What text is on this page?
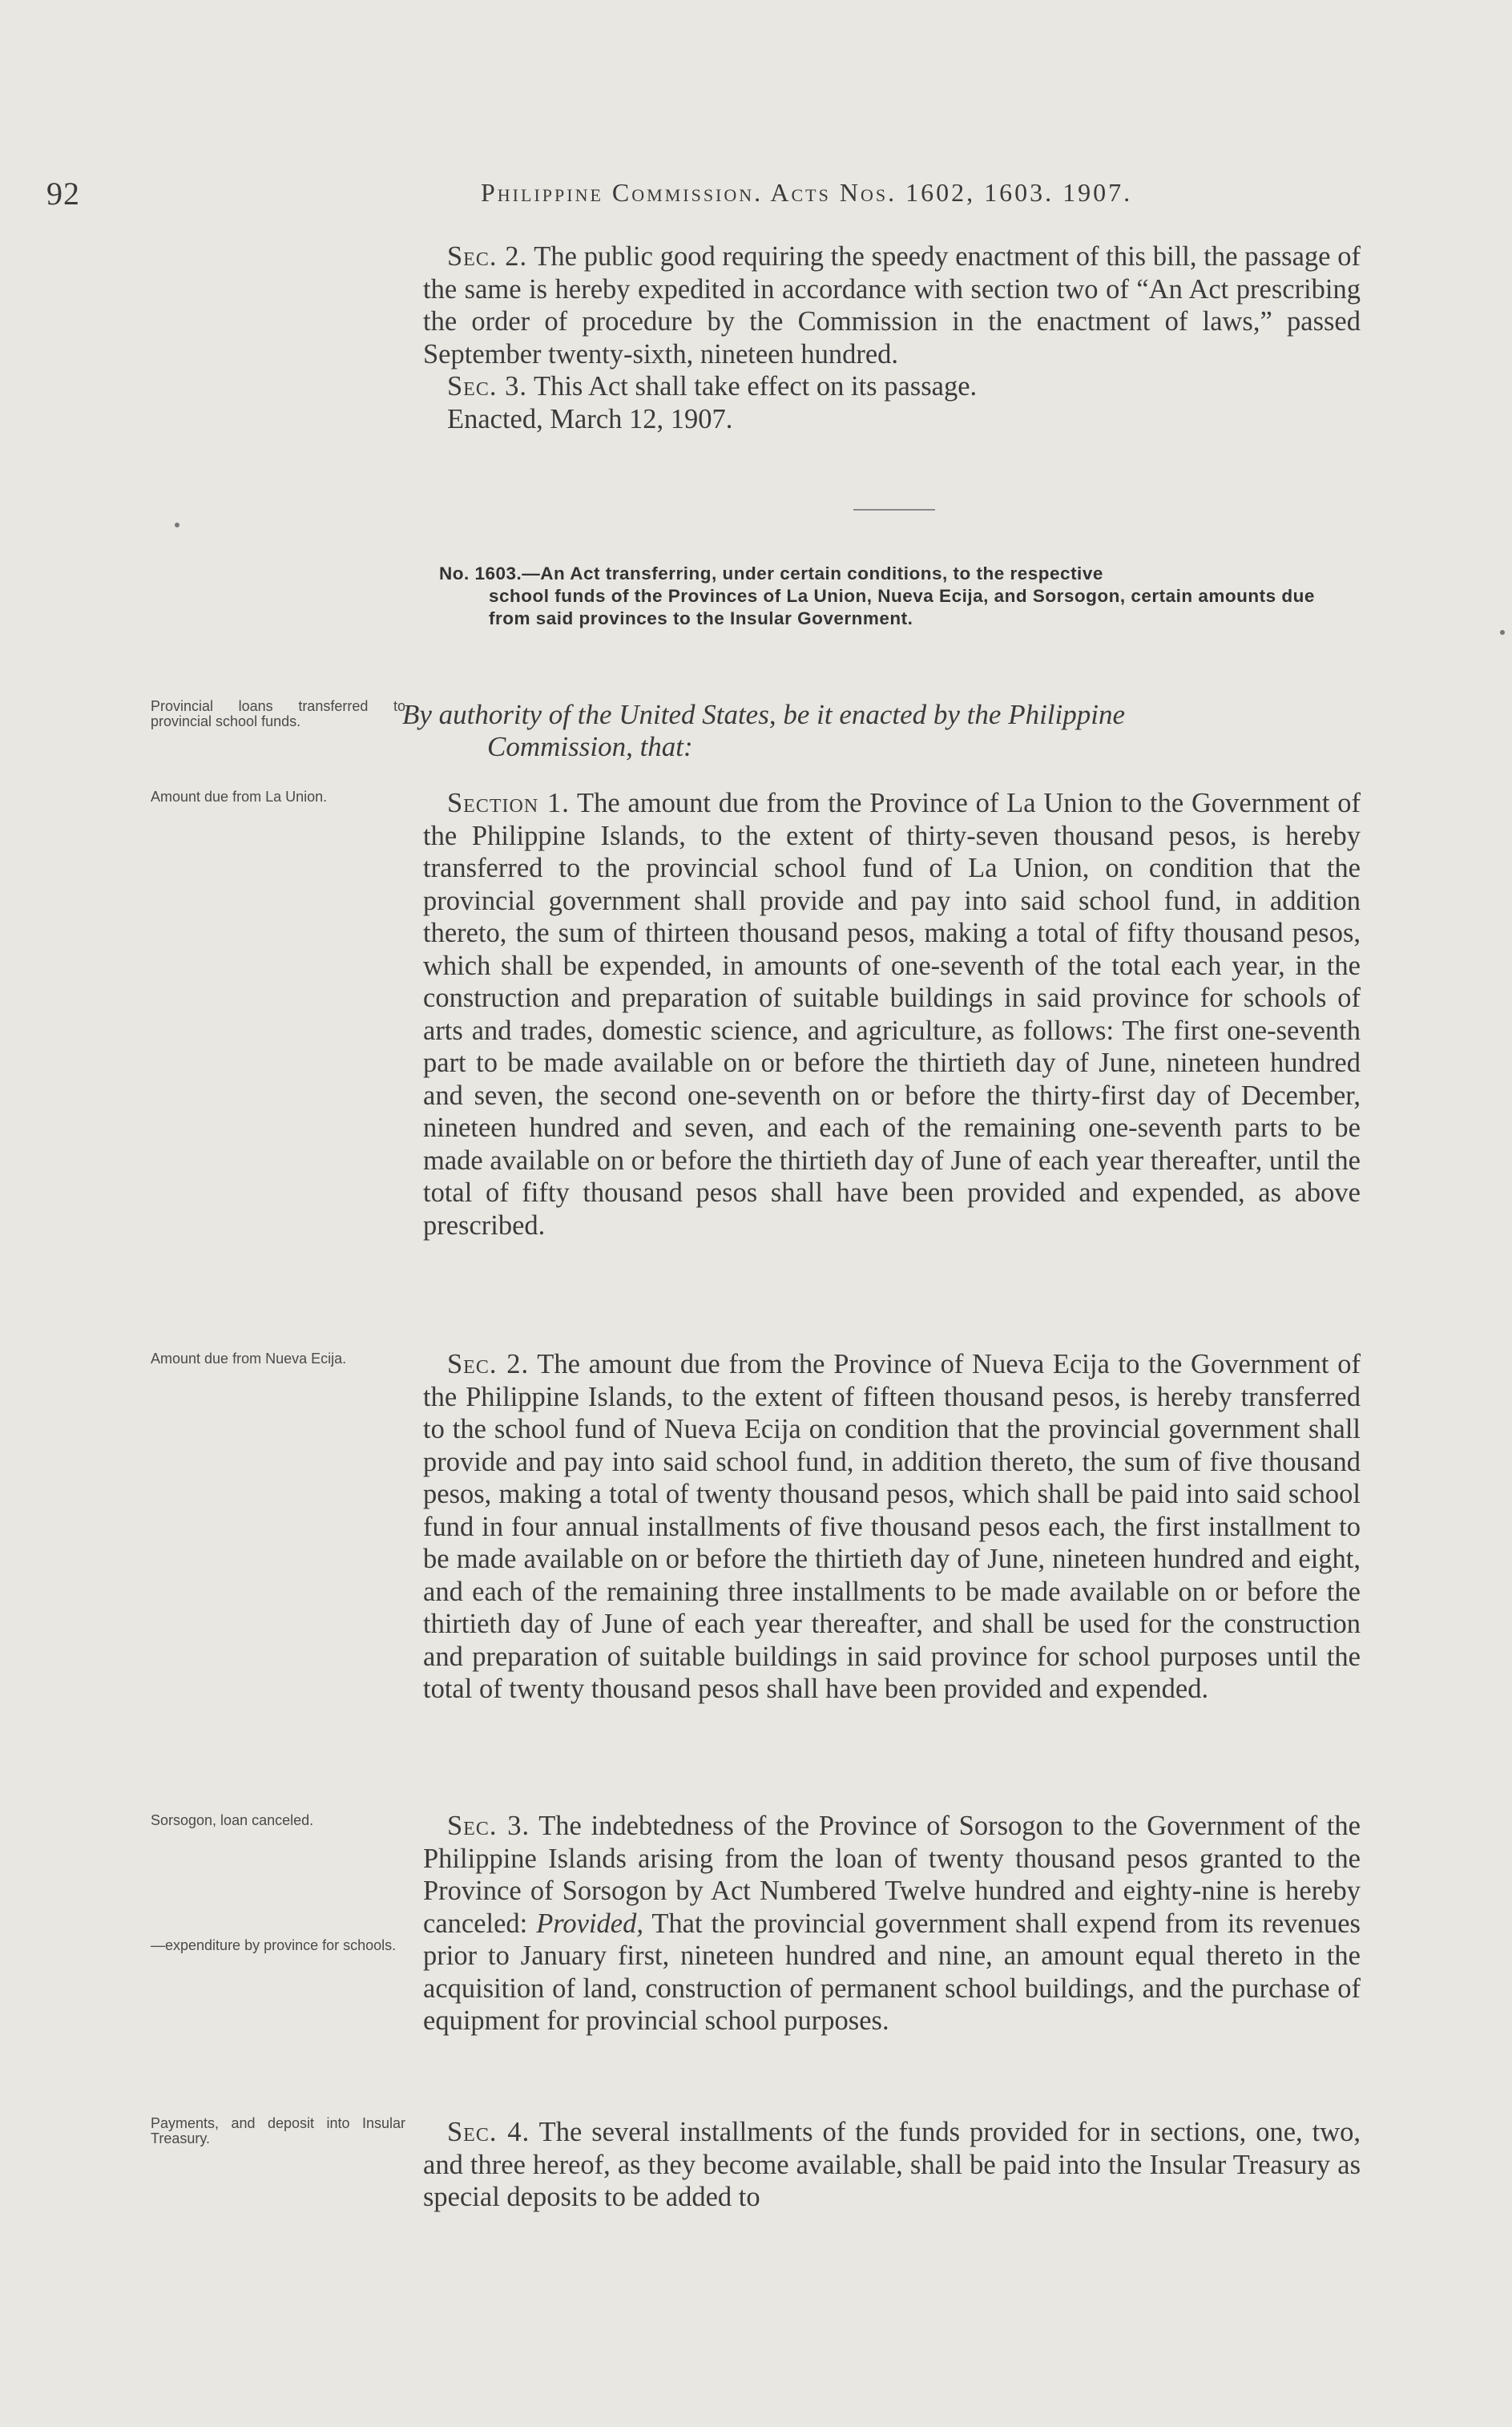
92	Philippine Commission. Acts Nos. 1602, 1603. 1907.

Sec. 2. The public good requiring the speedy enactment of this bill, the passage of the same is hereby expedited in accordance with section two of “An Act prescribing the order of procedure by the Commission in the enactment of laws,” passed September twenty-sixth, nineteen hundred.

Sec. 3. This Act shall take effect on its passage.

Enacted, March 12, 1907.

No. 1603.—An Act transferring, under certain conditions, to the respective
school funds of the Provinces of La Union, Nueva Ecija, and Sorsogon, certain amounts due from said provinces to the Insular Government.
By authority of the United States, be it enacted by the Philippine
Commission, that:

Section 1. The amount due from the Province of La Union to the Government of the Philippine Islands, to the extent of thirty-seven thousand pesos, is hereby transferred to the provincial school fund of La Union, on condition that the provincial government shall provide and pay into said school fund, in addition thereto, the sum of thirteen thousand pesos, making a total of fifty thousand pesos, which shall be expended, in amounts of one-seventh of the total each year, in the construction and preparation of suitable buildings in said province for schools of arts and trades, domestic science, and agriculture, as follows: The first one-seventh part to be made available on or before the thirtieth day of June, nineteen hundred and seven, the second one-seventh on or before the thirty-first day of December, nineteen hundred and seven, and each of the remaining one-seventh parts to be made available on or before the thirtieth day of June of each year thereafter, until the total of fifty thousand pesos shall have been provided and expended, as above prescribed.

Sec. 2. The amount due from the Province of Nueva Ecija to the Government of the Philippine Islands, to the extent of fifteen thousand pesos, is hereby transferred to the school fund of Nueva Ecija on condition that the provincial government shall provide and pay into said school fund, in addition thereto, the sum of five thousand pesos, making a total of twenty thousand pesos, which shall be paid into said school fund in four annual installments of five thousand pesos each, the first installment to be made available on or before the thirtieth day of June, nineteen hundred and eight, and each of the remaining three installments to be made available on or before the thirtieth day of June of each year thereafter, and shall be used for the construction and preparation of suitable buildings in said province for school purposes until the total of twenty thousand pesos shall have been provided and expended.

Sec. 3. The indebtedness of the Province of Sorsogon to the Government of the Philippine Islands arising from the loan of twenty thousand pesos granted to the Province of Sorsogon by Act Numbered Twelve hundred and eighty-nine is hereby canceled: Provided, That the provincial government shall expend from its revenues prior to January first, nineteen hundred and nine, an amount equal thereto in the acquisition of land, construction of permanent school buildings, and the purchase of equipment for provincial school purposes.

Sec. 4. The several installments of the funds provided for in sections, one, two, and three hereof, as they become available, shall be paid into the Insular Treasury as special deposits to be added to

Provincial loans transferred to provincial school funds.
Amount due from La Union.
Amount due from Nueva Ecija.
Sorsogon, loan canceled.
—expenditure by province for schools.
Payments, and deposit into Insular Treasury.
